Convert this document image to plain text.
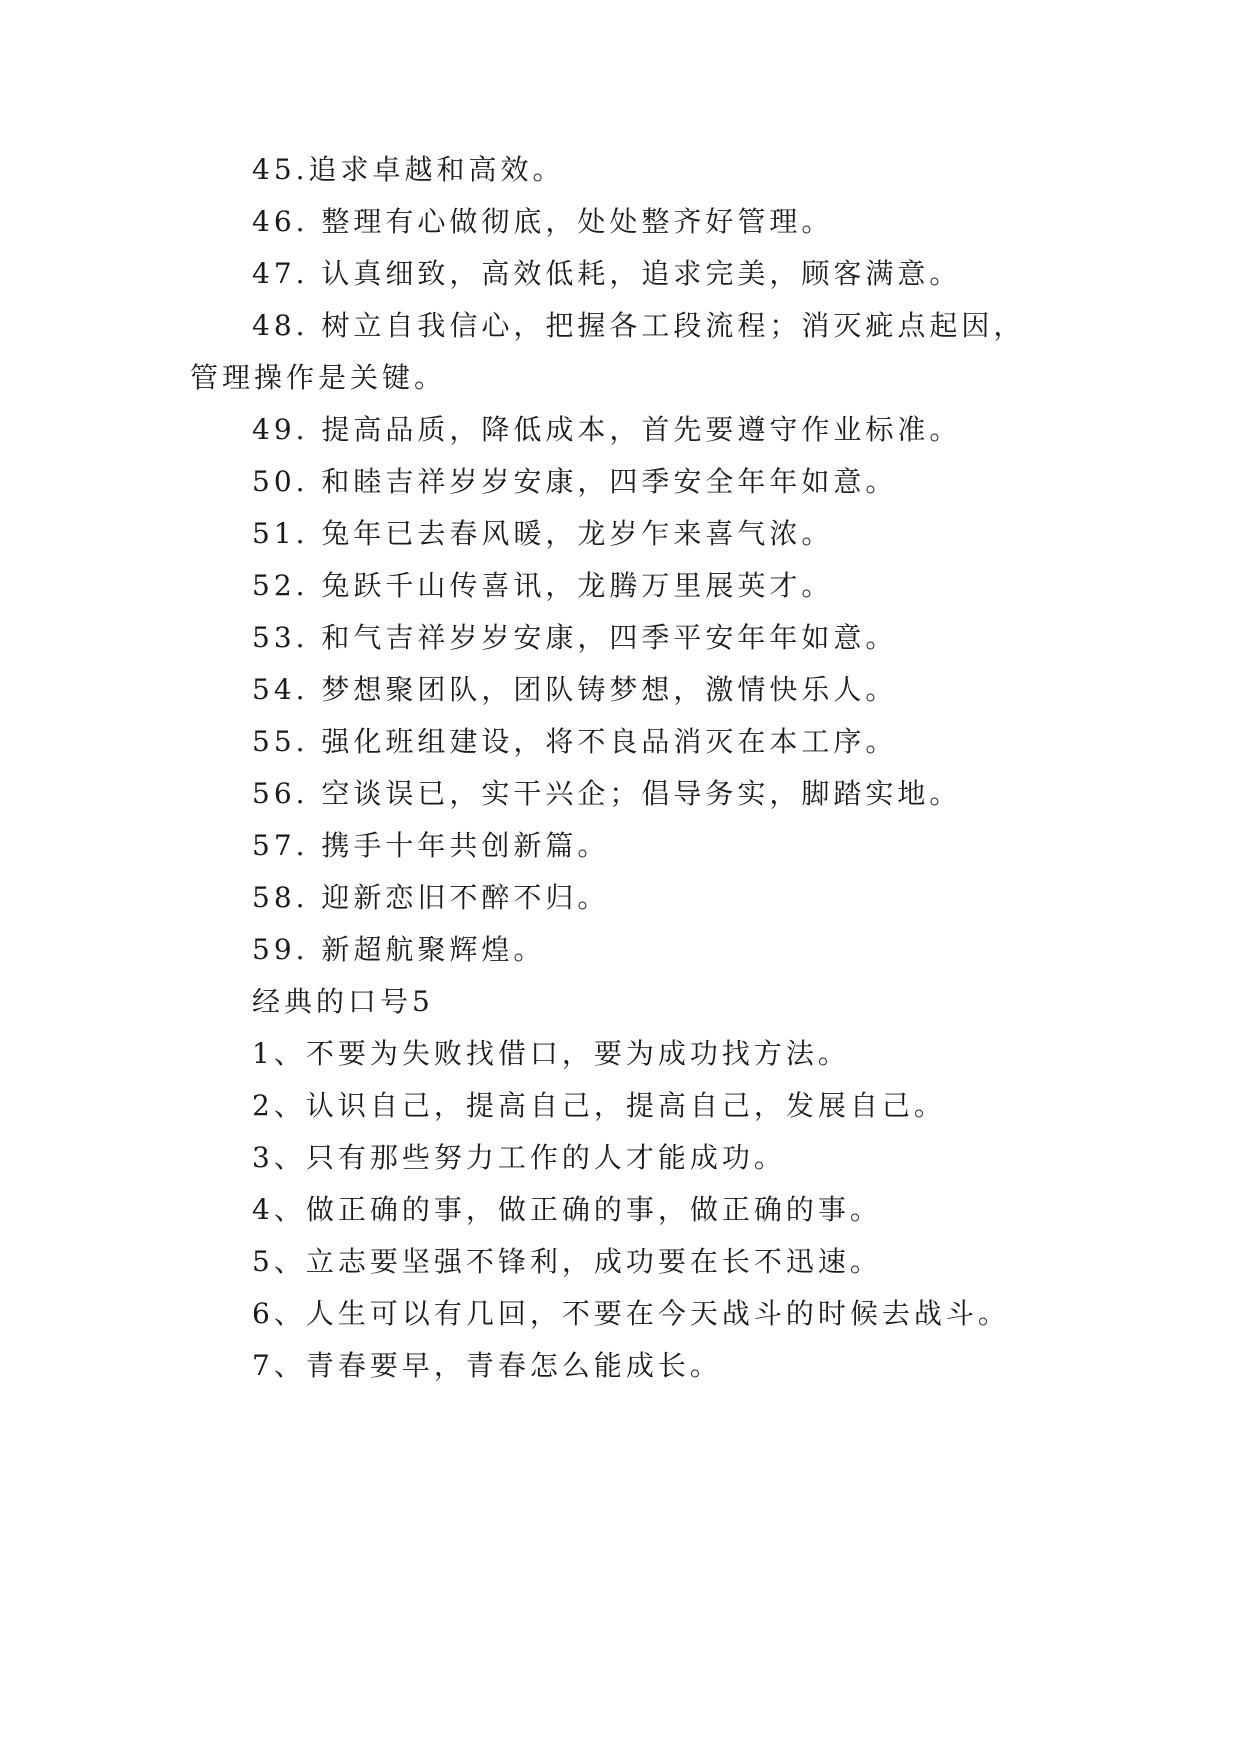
45.追求卓越和高效。
46. 整理有心做彻底，处处整齐好管理。
47. 认真细致，高效低耗，追求完美，顾客满意。
48. 树立自我信心，把握各工段流程；消灭疵点起因，
管理操作是关键。
49. 提高品质，降低成本，首先要遵守作业标准。
50. 和睦吉祥岁岁安康，四季安全年年如意。
51. 兔年已去春风暖，龙岁乍来喜气浓。
52. 兔跃千山传喜讯，龙腾万里展英才。
53. 和气吉祥岁岁安康，四季平安年年如意。
54. 梦想聚团队，团队铸梦想，激情快乐人。
55. 强化班组建设，将不良品消灭在本工序。
56. 空谈误已，实干兴企；倡导务实，脚踏实地。
57. 携手十年共创新篇。
58. 迎新恋旧不醉不归。
59. 新超航聚辉煌。
经典的口号5
1、不要为失败找借口，要为成功找方法。
2、认识自己，提高自己，提高自己，发展自己。
3、只有那些努力工作的人才能成功。
4、做正确的事，做正确的事，做正确的事。
5、立志要坚强不锋利，成功要在长不迅速。
6、人生可以有几回，不要在今天战斗的时候去战斗。
7、青春要早，青春怎么能成长。
